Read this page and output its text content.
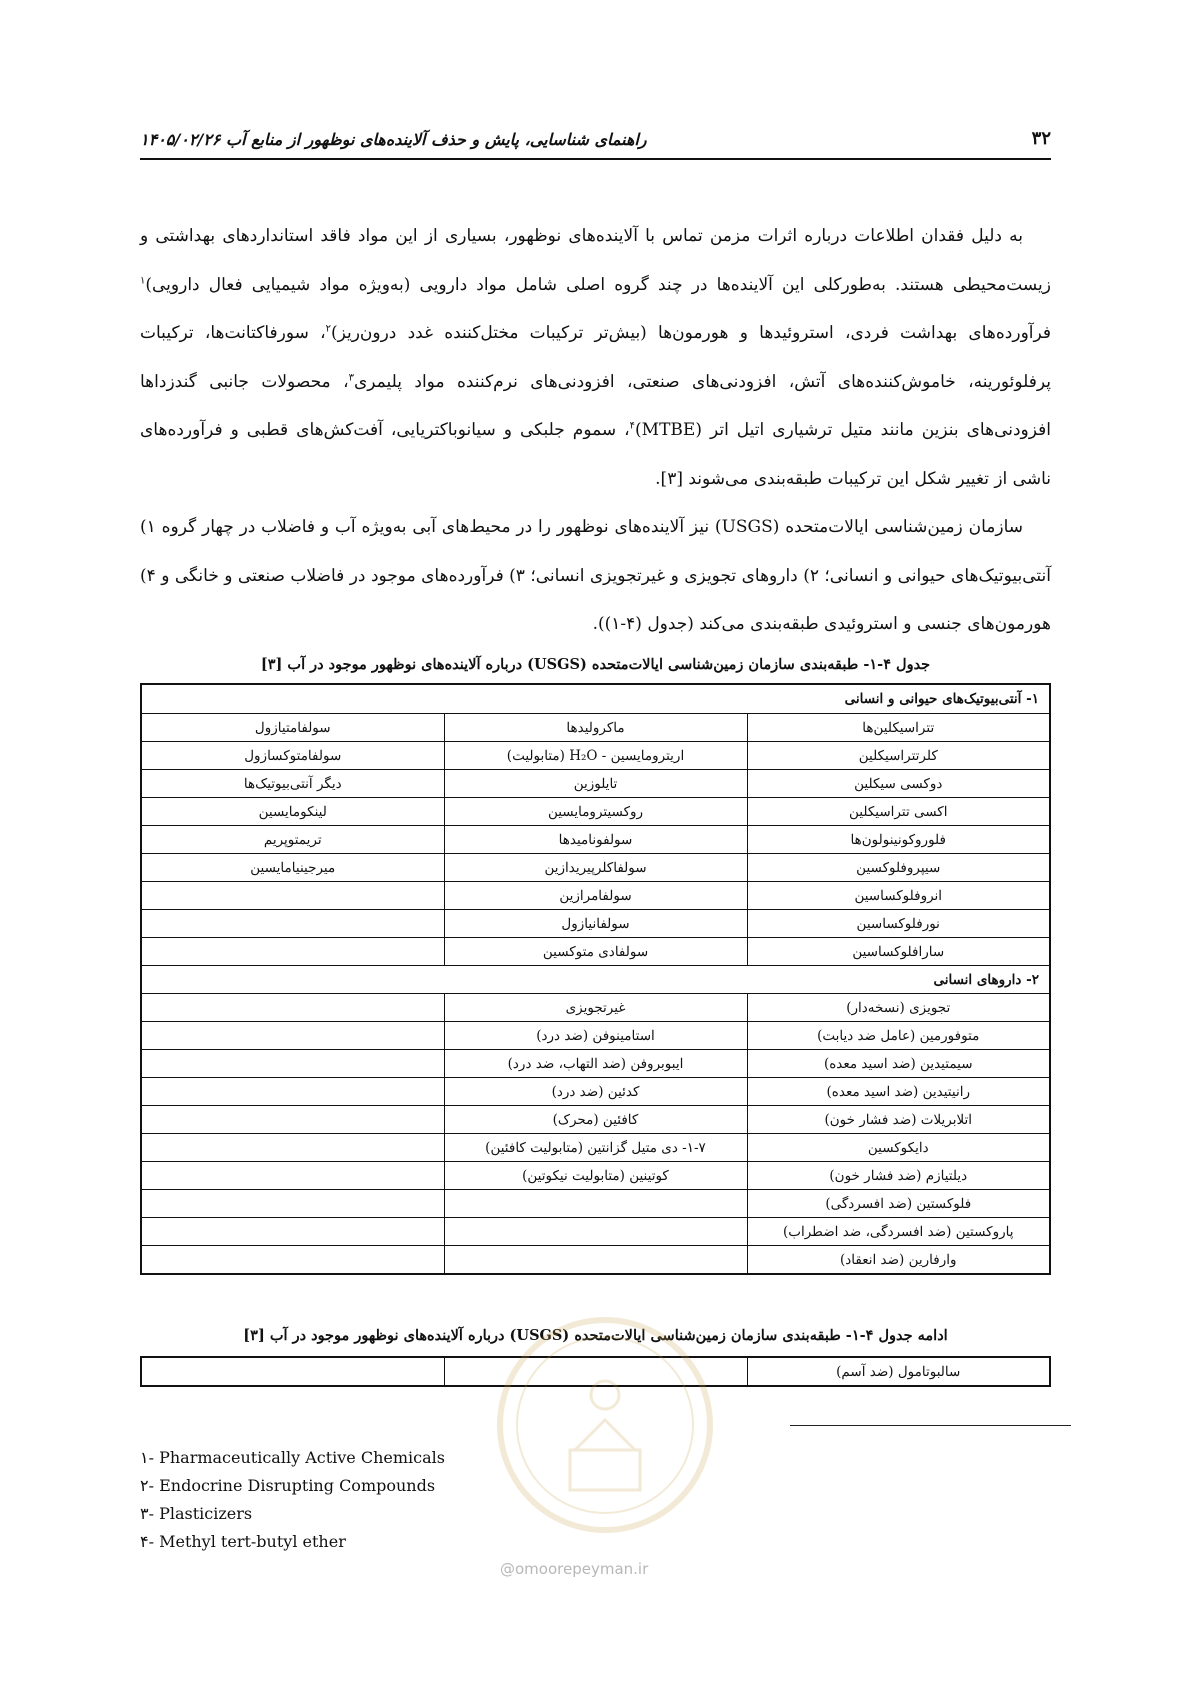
۳۲
راهنمای شناسایی، پایش و حذف آلاینده‌های نوظهور از منابع آب ۱۴۰۵/۰۲/۲۶

به دلیل فقدان اطلاعات درباره اثرات مزمن تماس با آلاینده‌های نوظهور، بسیاری از این مواد فاقد استانداردهای بهداشتی و زیست‌محیطی هستند. به‌طورکلی این آلاینده‌ها در چند گروه اصلی شامل مواد دارویی (به‌ویژه مواد شیمیایی فعال دارویی)$^۱$ فرآورده‌های بهداشت فردی، استروئیدها و هورمون‌ها (بیش‌تر ترکیبات مختل‌کننده غدد درون‌ریز)$^۲$، سورفاکتانت‌ها، ترکیبات پرفلوئورینه، خاموش‌کننده‌های آتش، افزودنی‌های صنعتی، افزودنی‌های نرم‌کننده مواد پلیمری$^۳$، محصولات جانبی گندزداها افزودنی‌های بنزین مانند متیل ترشیاری اتیل اتر (MTBE)$^۴$، سموم جلبکی و سیانوباکتریایی، آفت‌کش‌های قطبی و فرآورده‌های ناشی از تغییر شکل این ترکیبات طبقه‌بندی می‌شوند [۳].

سازمان زمین‌شناسی ایالات‌متحده (USGS) نیز آلاینده‌های نوظهور را در محیط‌های آبی به‌ویژه آب و فاضلاب در چهار گروه ۱) آنتی‌بیوتیک‌های حیوانی و انسانی؛ ۲) داروهای تجویزی و غیرتجویزی انسانی؛ ۳) فرآورده‌های موجود در فاضلاب صنعتی و خانگی و ۴) هورمون‌های جنسی و استروئیدی طبقه‌بندی می‌کند (جدول (۴-۱)).

جدول ۴-۱- طبقه‌بندی سازمان زمین‌شناسی ایالات‌متحده (USGS) درباره آلاینده‌های نوظهور موجود در آب [۳]
۱- آنتی‌بیوتیک‌های حیوانی و انسانی		
تتراسیکلین‌ها	ماکرولیدها	سولفامتیازول
کلرتتراسیکلین	اریترومایسین - H₂O (متابولیت)	سولفامتوکسازول
دوکسی سیکلین	تایلوزین	دیگر آنتی‌بیوتیک‌ها
اکسی تتراسیکلین	روکسیترومایسین	لینکومایسین
فلوروکونینولون‌ها	سولفونامیدها	تریمتوپریم
سیپروفلوکسین	سولفاکلرپیریدازین	میرجینیامایسین
انروفلوکساسین	سولفامرازین	
نورفلوکساسین	سولفانیازول	
سارافلوکساسین	سولفادی متوکسین	
۲- داروهای انسانی		
تجویزی (نسخه‌دار)	غیرتجویزی	
متوفورمین (عامل ضد دیابت)	استامینوفن (ضد درد)	
سیمتیدین (ضد اسید معده)	ایبوبروفن (ضد التهاب، ضد درد)	
رانیتیدین (ضد اسید معده)	کدئین (ضد درد)	
اتلابریلات (ضد فشار خون)	کافئین (محرک)	
دایکوکسین	۱-۷- دی متیل گزانتین (متابولیت کافئین)	
دیلتیازم (ضد فشار خون)	کوتینین (متابولیت نیکوتین)	
فلوکستین (ضد افسردگی)		
پاروکستین (ضد افسردگی، ضد اضطراب)		
وارفارین (ضد انعقاد)		
ادامه جدول ۴-۱- طبقه‌بندی سازمان زمین‌شناسی ایالات‌متحده (USGS) درباره آلاینده‌های نوظهور موجود در آب [۳]
سالبوتامول (ضد آسم)		
۱- Pharmaceutically Active Chemicals
۲- Endocrine Disrupting Compounds
۳- Plasticizers
۴- Methyl tert-butyl ether
@omoorepeyman.ir
